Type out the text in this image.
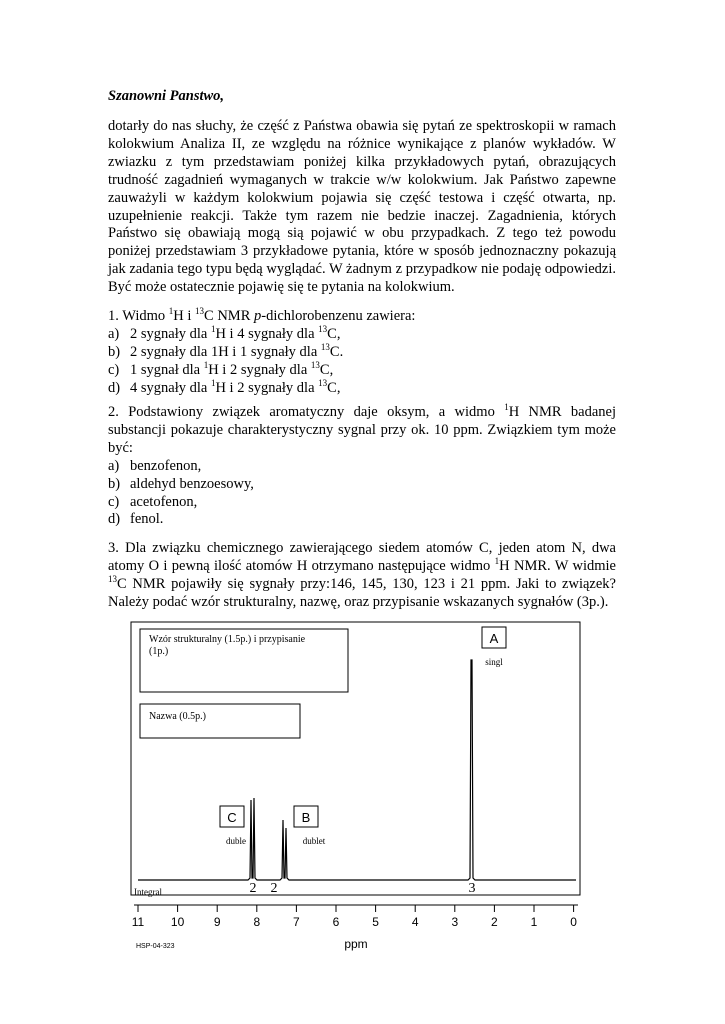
Szanowni Panstwo,

dotarły do nas słuchy, że część z Państwa obawia się pytań ze spektroskopii w ramach kolokwium Analiza II, ze względu na różnice wynikające z planów wykładów. W zwiazku z tym przedstawiam poniżej kilka przykładowych pytań, obrazujących trudność zagadnień wymaganych w trakcie w/w kolokwium. Jak Państwo zapewne zauważyli w każdym kolokwium pojawia się część testowa i część otwarta, np. uzupełnienie reakcji. Także tym razem nie bedzie inaczej. Zagadnienia, których Państwo się obawiają mogą sią pojawić w obu przypadkach. Z tego też powodu poniżej przedstawiam 3 przykładowe pytania, które w sposób jednoznaczny pokazują jak zadania tego typu będą wyglądać. W żadnym z przypadkow nie podaję odpowiedzi. Być może ostatecznie pojawię się te pytania na kolokwium.

1. Widmo $^1$H i $^{13}$C NMR p-dichlorobenzenu zawiera:

a) 2 sygnały dla $^1$H i 4 sygnały dla $^{13}$C,
b) 2 sygnały dla 1H i 1 sygnały dla $^{13}$C.
c) 1 sygnał dla $^1$H i 2 sygnały dla $^{13}$C,
d) 4 sygnały dla $^1$H i 2 sygnały dla $^{13}$C,

2. Podstawiony związek aromatyczny daje oksym, a widmo $^1$H NMR badanej substancji pokazuje charakterystyczny sygnal przy ok. 10 ppm. Związkiem tym może być:

a) benzofenon,
b) aldehyd benzoesowy,
c) acetofenon,
d) fenol.

3. Dla związku chemicznego zawierającego siedem atomów C, jeden atom N, dwa atomy O i pewną ilość atomów H otrzymano następujące widmo $^1$H NMR. W widmie $^{13}$C NMR pojawiły się sygnały przy:146, 145, 130, 123 i 21 ppm. Jaki to związek? Należy podać wzór strukturalny, nazwę, oraz przypisanie wskazanych sygnałów (3p.).

Wzór strukturalny (1.5p.) i przypisanie
(1p.)
Nazwa (0.5p.)
A
singl
C
duble
B
dublet
Integral	2 2	3
11 10 9	8	7	6	5	4	3	2	1	0
ppm
HSP-04-323
